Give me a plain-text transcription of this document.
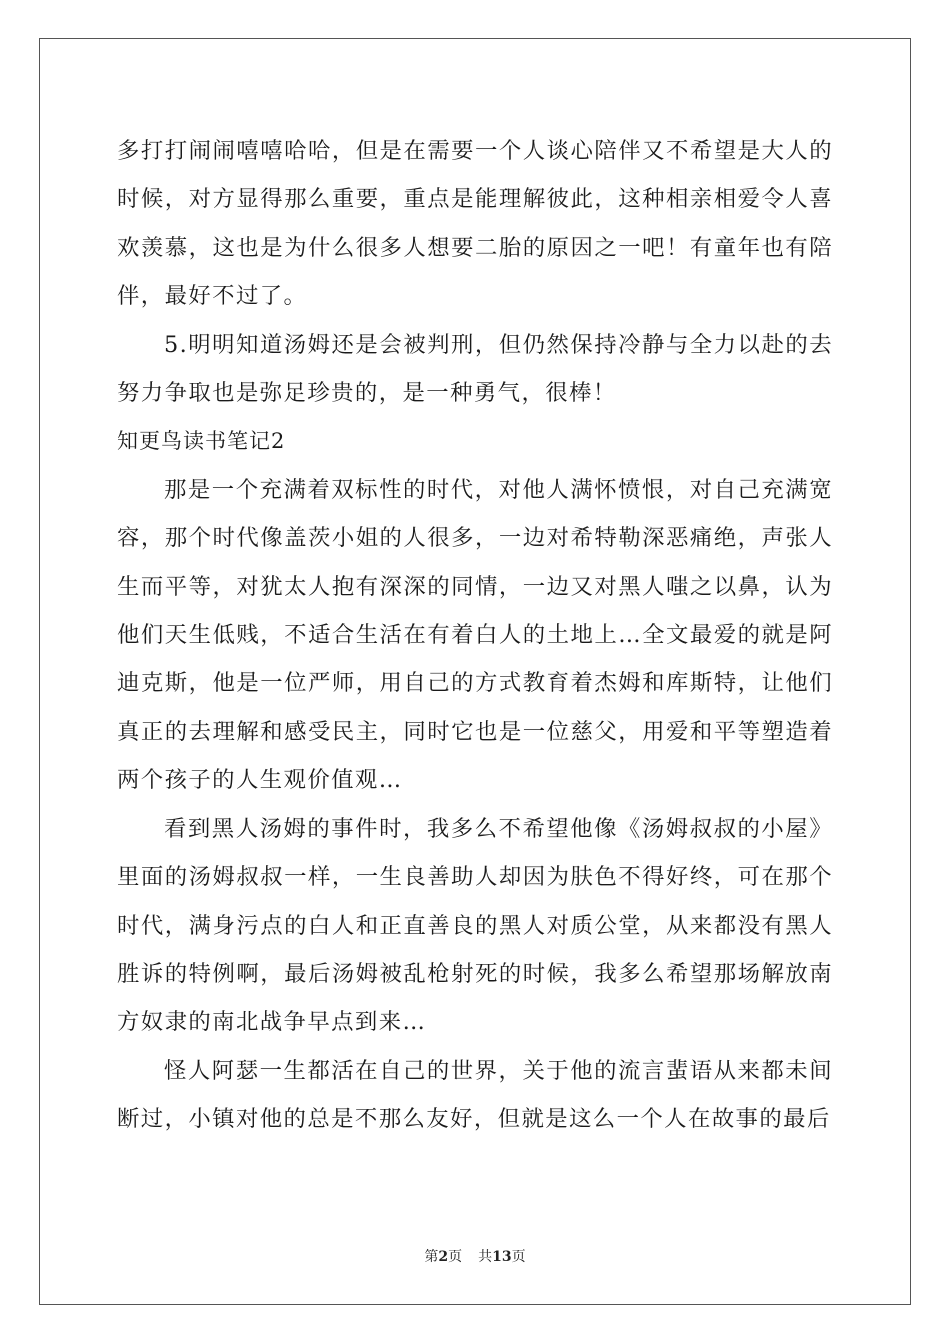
多打打闹闹嘻嘻哈哈，但是在需要一个人谈心陪伴又不希望是大人的时候，对方显得那么重要，重点是能理解彼此，这种相亲相爱令人喜欢羡慕，这也是为什么很多人想要二胎的原因之一吧！有童年也有陪伴，最好不过了。

5.明明知道汤姆还是会被判刑，但仍然保持冷静与全力以赴的去努力争取也是弥足珍贵的，是一种勇气，很棒！

知更鸟读书笔记2

那是一个充满着双标性的时代，对他人满怀愤恨，对自己充满宽容，那个时代像盖茨小姐的人很多，一边对希特勒深恶痛绝，声张人生而平等，对犹太人抱有深深的同情，一边又对黑人嗤之以鼻，认为他们天生低贱，不适合生活在有着白人的土地上…全文最爱的就是阿迪克斯，他是一位严师，用自己的方式教育着杰姆和库斯特，让他们真正的去理解和感受民主，同时它也是一位慈父，用爱和平等塑造着两个孩子的人生观价值观…

看到黑人汤姆的事件时，我多么不希望他像《汤姆叔叔的小屋》里面的汤姆叔叔一样，一生良善助人却因为肤色不得好终，可在那个时代，满身污点的白人和正直善良的黑人对质公堂，从来都没有黑人胜诉的特例啊，最后汤姆被乱枪射死的时候，我多么希望那场解放南方奴隶的南北战争早点到来…

怪人阿瑟一生都活在自己的世界，关于他的流言蜚语从来都未间断过，小镇对他的总是不那么友好，但就是这么一个人在故事的最后

第2页 共13页
